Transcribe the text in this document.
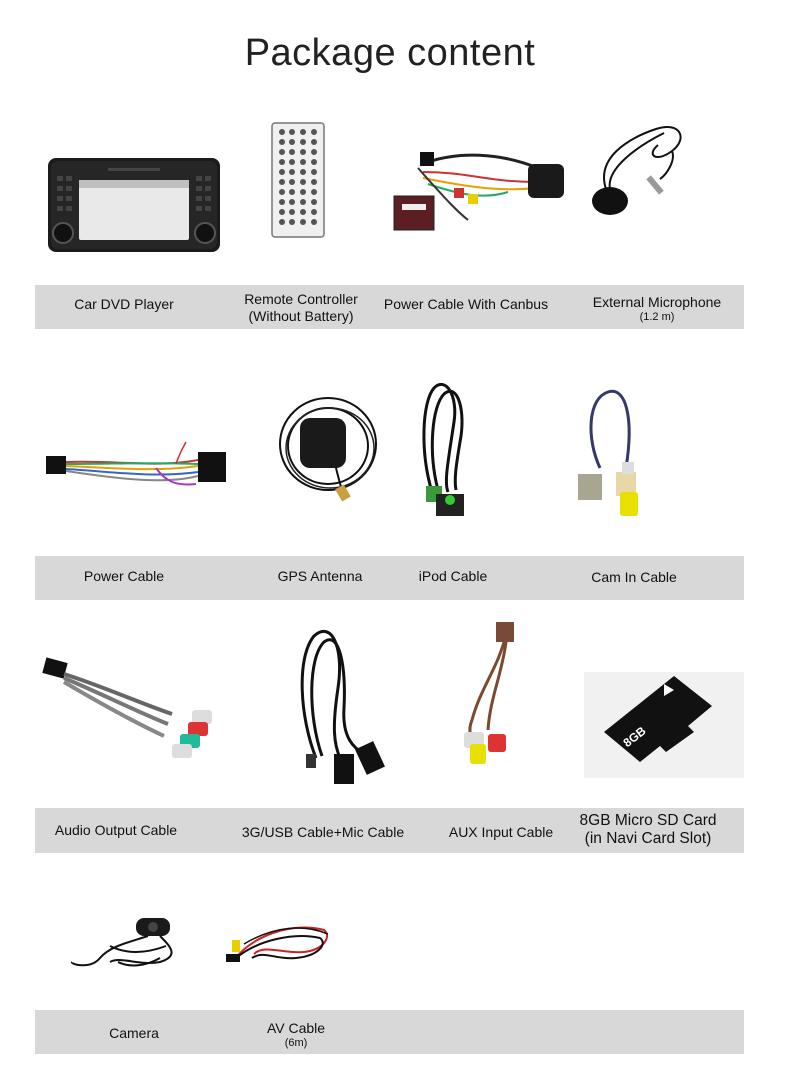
Package content
8GB
Car DVD Player	Remote Controller
(Without Battery)
Power Cable With Canbus	External Microphone
(1.2 m)
Power Cable	GPS Antenna	iPod Cable	Cam In Cable
Audio Output Cable	3G/USB Cable+Mic Cable	AUX Input Cable
8GB Micro SD Card
(in Navi Card Slot)
Camera	AV Cable
(6m)
